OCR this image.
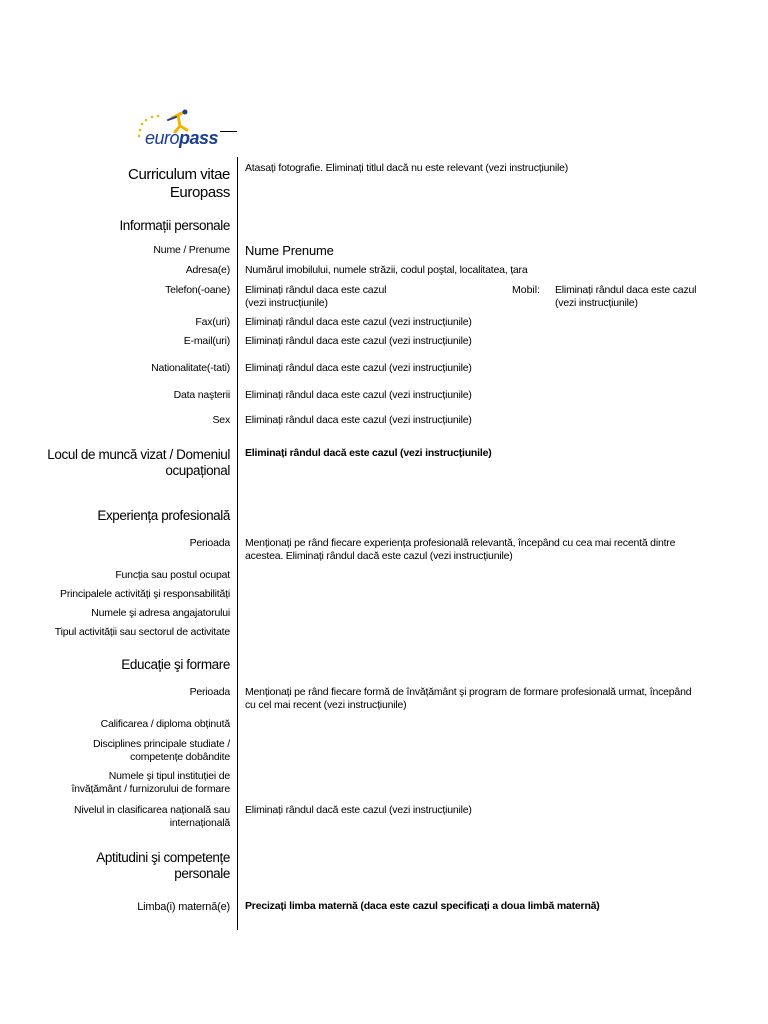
europass
Curriculum vitae
Europass
Atasați fotografie. Eliminați titlul dacă nu este relevant (vezi instrucțiunile)
Informații personale
Nume / Prenume Nume Prenume
Adresa(e) Numărul imobilului, numele străzii, codul poştal, localitatea, țara
Telefon(-oane) Eliminați rândul daca este cazul
(vezi instrucțiunile)
Mobil: Eliminați rândul daca este cazul
(vezi instrucțiunile)
Fax(uri) Eliminați rândul daca este cazul (vezi instrucțiunile)
E-mail(uri) Eliminați rândul daca este cazul (vezi instrucțiunile)
Nationalitate(-tati) Eliminați rândul daca este cazul (vezi instrucțiunile)
Data naşterii Eliminați rândul daca este cazul (vezi instrucțiunile)
Sex Eliminați rândul daca este cazul (vezi instrucțiunile)
Locul de muncă vizat / Domeniul
ocupațional
Eliminați rândul dacă este cazul (vezi instrucțiunile)
Experiența profesională
Perioada Menționați pe rând fiecare experiența profesională relevantă, începând cu cea mai recentă dintre
acestea. Eliminați rândul dacă este cazul (vezi instrucțiunile)
Funcția sau postul ocupat
Principalele activități şi responsabilități
Numele şi adresa angajatorului
Tipul activității sau sectorul de activitate
Educație şi formare
Perioada Menționați pe rând fiecare formă de învățământ şi program de formare profesională urmat, începând
cu cel mai recent (vezi instrucțiunile)
Calificarea / diploma obținută
Disciplines principale studiate /
competențe dobândite
Numele şi tipul instituției de
învățământ / furnizorului de formare
Nivelul in clasificarea națională sau
internațională
Eliminați rândul dacă este cazul (vezi instrucțiunile)
Aptitudini şi competențe
personale
Limba(i) maternă(e) Precizați limba maternă (daca este cazul specificați a doua limbă maternă)
